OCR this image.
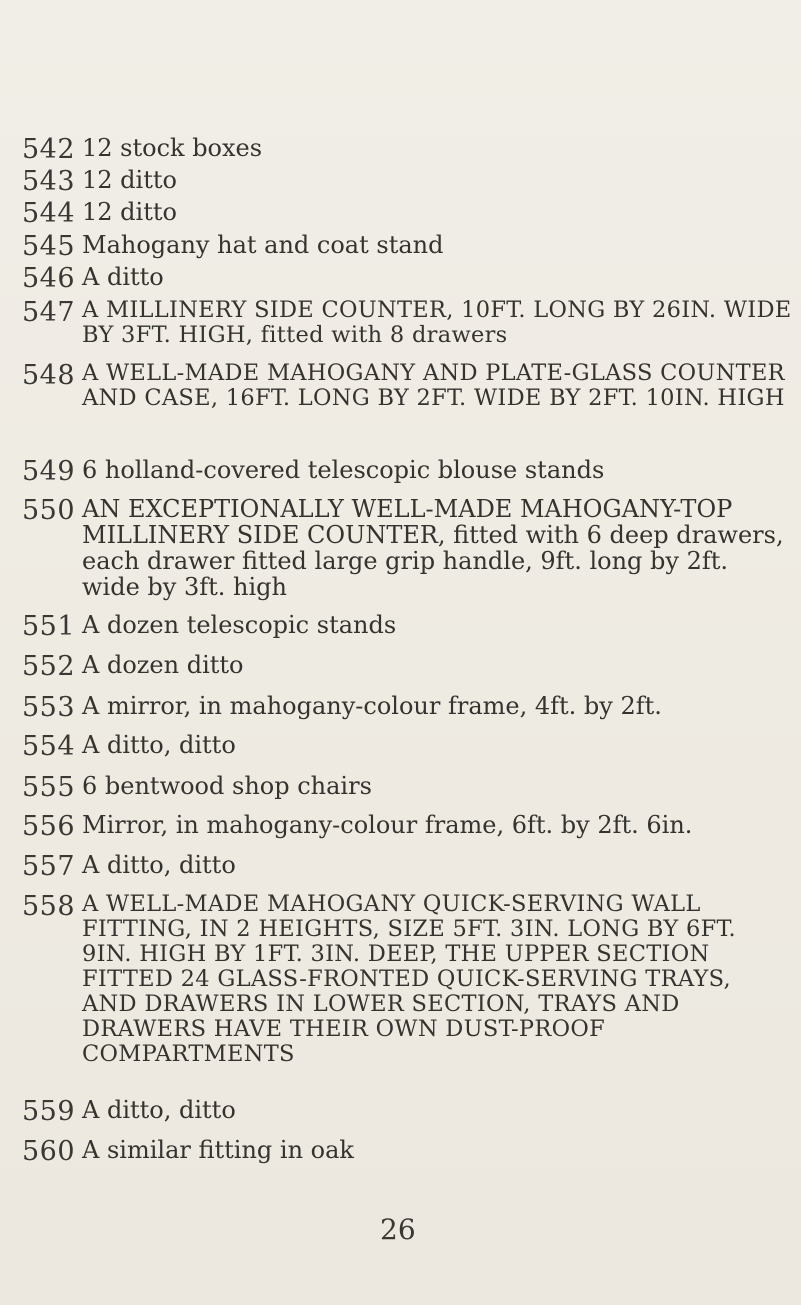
542 12 stock boxes
543 12 ditto
544 12 ditto
545 Mahogany hat and coat stand
546 A ditto
547 A MILLINERY SIDE COUNTER, 10FT. LONG BY 26IN. WIDE BY 3FT. HIGH, fitted with 8 drawers
548 A WELL-MADE MAHOGANY AND PLATE-GLASS COUNTER AND CASE, 16FT. LONG BY 2FT. WIDE BY 2FT. 10IN. HIGH
549 6 holland-covered telescopic blouse stands
550 AN EXCEPTIONALLY WELL-MADE MAHOGANY-TOP MILLINERY SIDE COUNTER, fitted with 6 deep drawers, each drawer fitted large grip handle, 9ft. long by 2ft. wide by 3ft. high
551 A dozen telescopic stands
552 A dozen ditto
553 A mirror, in mahogany-colour frame, 4ft. by 2ft.
554 A ditto, ditto
555 6 bentwood shop chairs
556 Mirror, in mahogany-colour frame, 6ft. by 2ft. 6in.
557 A ditto, ditto
558 A WELL-MADE MAHOGANY QUICK-SERVING WALL FITTING, IN 2 HEIGHTS, SIZE 5FT. 3IN. LONG BY 6FT. 9IN. HIGH BY 1FT. 3IN. DEEP, THE UPPER SECTION FITTED 24 GLASS-FRONTED QUICK-SERVING TRAYS, AND DRAWERS IN LOWER SECTION, TRAYS AND DRAWERS HAVE THEIR OWN DUST-PROOF COMPARTMENTS
559 A ditto, ditto
560 A similar fitting in oak
26
